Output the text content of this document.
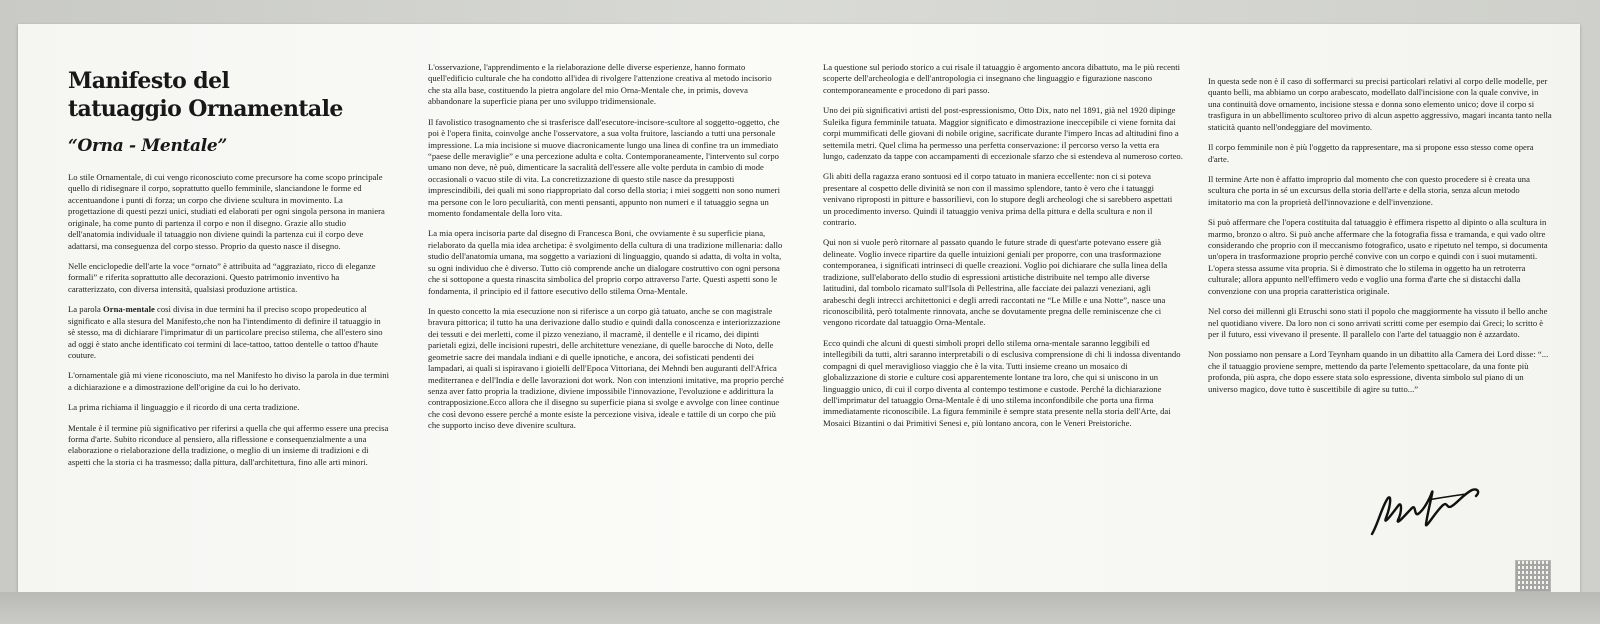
Manifesto del
tatuaggio Ornamentale
“Orna - Mentale”

Lo stile Ornamentale, di cui vengo riconosciuto come precursore ha come scopo principale quello di ridisegnare il corpo, soprattutto quello femminile, slanciandone le forme ed accentuandone i punti di forza; un corpo che diviene scultura in movimento. La progettazione di questi pezzi unici, studiati ed elaborati per ogni singola persona in maniera originale, ha come punto di partenza il corpo e non il disegno. Grazie allo studio dell'anatomia individuale il tatuaggio non diviene quindi la partenza cui il corpo deve adattarsi, ma conseguenza del corpo stesso. Proprio da questo nasce il disegno.

Nelle enciclopedie dell'arte la voce “ornato” è attribuita ad “aggraziato, ricco di eleganze formali” e riferita soprattutto alle decorazioni. Questo patrimonio inventivo ha caratterizzato, con diversa intensità, qualsiasi produzione artistica.

La parola Orna-mentale così divisa in due termini ha il preciso scopo propedeutico al significato e alla stesura del Manifesto,che non ha l'intendimento di definire il tatuaggio in sè stesso, ma di dichiarare l'imprimatur di un particolare preciso stilema, che all'estero sino ad oggi è stato anche identificato coi termini di lace-tattoo, tattoo dentelle o tattoo d'haute couture.

L'ornamentale già mi viene riconosciuto, ma nel Manifesto ho diviso la parola in due termini a dichiarazione e a dimostrazione dell'origine da cui lo ho derivato.

La prima richiama il linguaggio e il ricordo di una certa tradizione.

Mentale è il termine più significativo per riferirsi a quella che qui affermo essere una precisa forma d'arte. Subito riconduce al pensiero, alla riflessione e consequenzialmente a una elaborazione o rielaborazione della tradizione, o meglio di un insieme di tradizioni e di aspetti che la storia ci ha trasmesso; dalla pittura, dall'architettura, fino alle arti minori.

L'osservazione, l'apprendimento e la rielaborazione delle diverse esperienze, hanno formato quell'edificio culturale che ha condotto all'idea di rivolgere l'attenzione creativa al metodo incisorio che sta alla base, costituendo la pietra angolare del mio Orna-Mentale che, in primis, doveva abbandonare la superficie piana per uno sviluppo tridimensionale.

Il favolistico trasognamento che si trasferisce dall'esecutore-incisore-scultore al soggetto-oggetto, che poi è l'opera finita, coinvolge anche l'osservatore, a sua volta fruitore, lasciando a tutti una personale impressione. La mia incisione si muove diacronicamente lungo una linea di confine tra un immediato “paese delle meraviglie” e una percezione adulta e colta. Contemporaneamente, l'intervento sul corpo umano non deve, nè può, dimenticare la sacralità dell'essere alle volte perduta in cambio di mode occasionali o vacuo stile di vita. La concretizzazione di questo stile nasce da presupposti imprescindibili, dei quali mi sono riappropriato dal corso della storia; i miei soggetti non sono numeri ma persone con le loro peculiarità, con menti pensanti, appunto non numeri e il tatuaggio segna un momento fondamentale della loro vita.

La mia opera incisoria parte dal disegno di Francesca Boni, che ovviamente è su superficie piana, rielaborato da quella mia idea archetipa: è svolgimento della cultura di una tradizione millenaria: dallo studio dell'anatomia umana, ma soggetto a variazioni di linguaggio, quando si adatta, di volta in volta, su ogni individuo che è diverso. Tutto ciò comprende anche un dialogare costruttivo con ogni persona che si sottopone a questa rinascita simbolica del proprio corpo attraverso l'arte. Questi aspetti sono le fondamenta, il principio ed il fattore esecutivo dello stilema Orna-Mentale.

In questo concetto la mia esecuzione non si riferisce a un corpo già tatuato, anche se con magistrale bravura pittorica; il tutto ha una derivazione dallo studio e quindi dalla conoscenza e interiorizzazione dei tessuti e dei merletti, come il pizzo veneziano, il macramè, il dentelle e il ricamo, dei dipinti parietali egizi, delle incisioni rupestri, delle architetture veneziane, di quelle barocche di Noto, delle geometrie sacre dei mandala indiani e di quelle ipnotiche, e ancora, dei sofisticati pendenti dei lampadari, ai quali si ispiravano i gioielli dell'Epoca Vittoriana, dei Mehndi ben auguranti dell'Africa mediterranea e dell'India e delle lavorazioni dot work. Non con intenzioni imitative, ma proprio perché senza aver fatto propria la tradizione, diviene impossibile l'innovazione, l'evoluzione e addirittura la contrapposizione.Ecco allora che il disegno su superficie piana si svolge e avvolge con linee continue che così devono essere perché a monte esiste la percezione visiva, ideale e tattile di un corpo che più che supporto inciso deve divenire scultura.

La questione sul periodo storico a cui risale il tatuaggio è argomento ancora dibattuto, ma le più recenti scoperte dell'archeologia e dell'antropologia ci insegnano che linguaggio e figurazione nascono contemporaneamente e procedono di pari passo.

Uno dei più significativi artisti del post-espressionismo, Otto Dix, nato nel 1891, già nel 1920 dipinge Suleika figura femminile tatuata. Maggior significato e dimostrazione ineccepibile ci viene fornita dai corpi mummificati delle giovani di nobile origine, sacrificate durante l'impero Incas ad altitudini fino a settemila metri. Quel clima ha permesso una perfetta conservazione: il percorso verso la vetta era lungo, cadenzato da tappe con accampamenti di eccezionale sfarzo che si estendeva al numeroso corteo.

Gli abiti della ragazza erano sontuosi ed il corpo tatuato in maniera eccellente: non ci si poteva presentare al cospetto delle divinità se non con il massimo splendore, tanto è vero che i tatuaggi venivano riproposti in pitture e bassorilievi, con lo stupore degli archeologi che si sarebbero aspettati un procedimento inverso. Quindi il tatuaggio veniva prima della pittura e della scultura e non il contrario.

Qui non si vuole però ritornare al passato quando le future strade di quest'arte potevano essere già delineate. Voglio invece ripartire da quelle intuizioni geniali per proporre, con una trasformazione contemporanea, i significati intrinseci di quelle creazioni. Voglio poi dichiarare che sulla linea della tradizione, sull'elaborato dello studio di espressioni artistiche distribuite nel tempo alle diverse latitudini, dal tombolo ricamato sull'Isola di Pellestrina, alle facciate dei palazzi veneziani, agli arabeschi degli intrecci architettonici e degli arredi raccontati ne “Le Mille e una Notte”, nasce una riconoscibilità, però totalmente rinnovata, anche se dovutamente pregna delle reminiscenze che ci vengono ricordate dal tatuaggio Orna-Mentale.

Ecco quindi che alcuni di questi simboli propri dello stilema orna-mentale saranno leggibili ed intellegibili da tutti, altri saranno interpretabili o di esclusiva comprensione di chi li indossa diventando compagni di quel meraviglioso viaggio che è la vita. Tutti insieme creano un mosaico di globalizzazione di storie e culture così apparentemente lontane tra loro, che qui si uniscono in un linguaggio unico, di cui il corpo diventa al contempo testimone e custode. Perché la dichiarazione dell'imprimatur del tatuaggio Orna-Mentale è di uno stilema inconfondibile che porta una firma immediatamente riconoscibile. La figura femminile è sempre stata presente nella storia dell'Arte, dai Mosaici Bizantini o dai Primitivi Senesi e, più lontano ancora, con le Veneri Preistoriche.

In questa sede non è il caso di soffermarci su precisi particolari relativi al corpo delle modelle, per quanto belli, ma abbiamo un corpo arabescato, modellato dall'incisione con la quale convive, in una continuità dove ornamento, incisione stessa e donna sono elemento unico; dove il corpo si trasfigura in un abbellimento scultoreo privo di alcun aspetto aggressivo, magari incanta tanto nella staticità quanto nell'ondeggiare del movimento.

Il corpo femminile non è più l'oggetto da rappresentare, ma si propone esso stesso come opera d'arte.

Il termine Arte non è affatto improprio dal momento che con questo procedere si è creata una scultura che porta in sé un excursus della storia dell'arte e della storia, senza alcun metodo imitatorio ma con la proprietà dell'innovazione e dell'invenzione.

Si può affermare che l'opera costituita dal tatuaggio è effimera rispetto al dipinto o alla scultura in marmo, bronzo o altro. Si può anche affermare che la fotografia fissa e tramanda, e qui vado oltre considerando che proprio con il meccanismo fotografico, usato e ripetuto nel tempo, si documenta un'opera in trasformazione proprio perché convive con un corpo e quindi con i suoi mutamenti. L'opera stessa assume vita propria. Si è dimostrato che lo stilema in oggetto ha un retroterra culturale; allora appunto nell'effimero vedo e voglio una forma d'arte che si distacchi dalla convenzione con una propria caratteristica originale.

Nel corso dei millenni gli Etruschi sono stati il popolo che maggiormente ha vissuto il bello anche nel quotidiano vivere. Da loro non ci sono arrivati scritti come per esempio dai Greci; lo scritto è per il futuro, essi vivevano il presente. Il parallelo con l'arte del tatuaggio non è azzardato.

Non possiamo non pensare a Lord Teynham quando in un dibattito alla Camera dei Lord disse: “... che il tatuaggio proviene sempre, mettendo da parte l'elemento spettacolare, da una fonte più profonda, più aspra, che dopo essere stata solo espressione, diventa simbolo sul piano di un universo magico, dove tutto è suscettibile di agire su tutto...”
